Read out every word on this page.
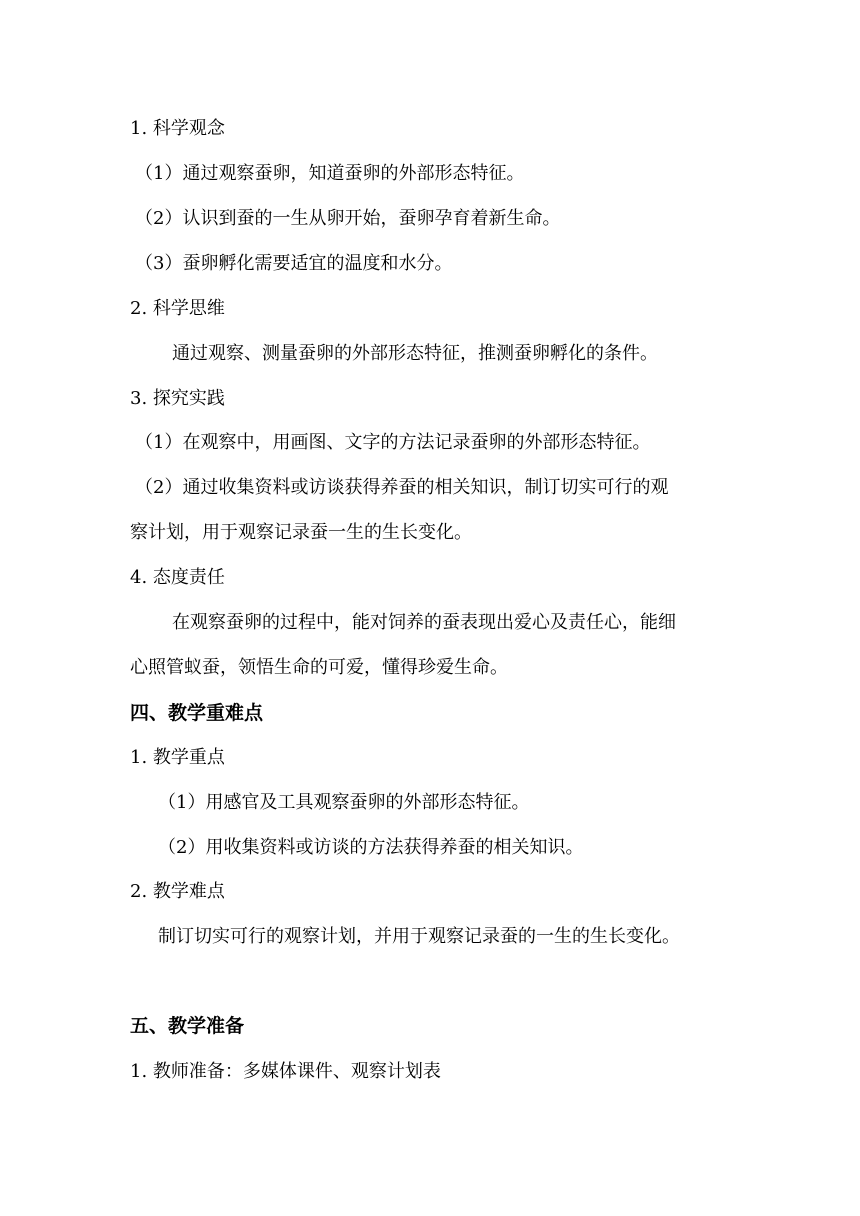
1. 科学观念
（1）通过观察蚕卵，知道蚕卵的外部形态特征。
（2）认识到蚕的一生从卵开始，蚕卵孕育着新生命。
（3）蚕卵孵化需要适宜的温度和水分。
2. 科学思维
通过观察、测量蚕卵的外部形态特征，推测蚕卵孵化的条件。
3. 探究实践
（1）在观察中，用画图、文字的方法记录蚕卵的外部形态特征。
（2）通过收集资料或访谈获得养蚕的相关知识，制订切实可行的观
察计划，用于观察记录蚕一生的生长变化。
4. 态度责任
在观察蚕卵的过程中，能对饲养的蚕表现出爱心及责任心，能细
心照管蚁蚕，领悟生命的可爱，懂得珍爱生命。
四、教学重难点
1. 教学重点
（1）用感官及工具观察蚕卵的外部形态特征。
（2）用收集资料或访谈的方法获得养蚕的相关知识。
2. 教学难点
制订切实可行的观察计划，并用于观察记录蚕的一生的生长变化。
五、教学准备
1. 教师准备：多媒体课件、观察计划表
